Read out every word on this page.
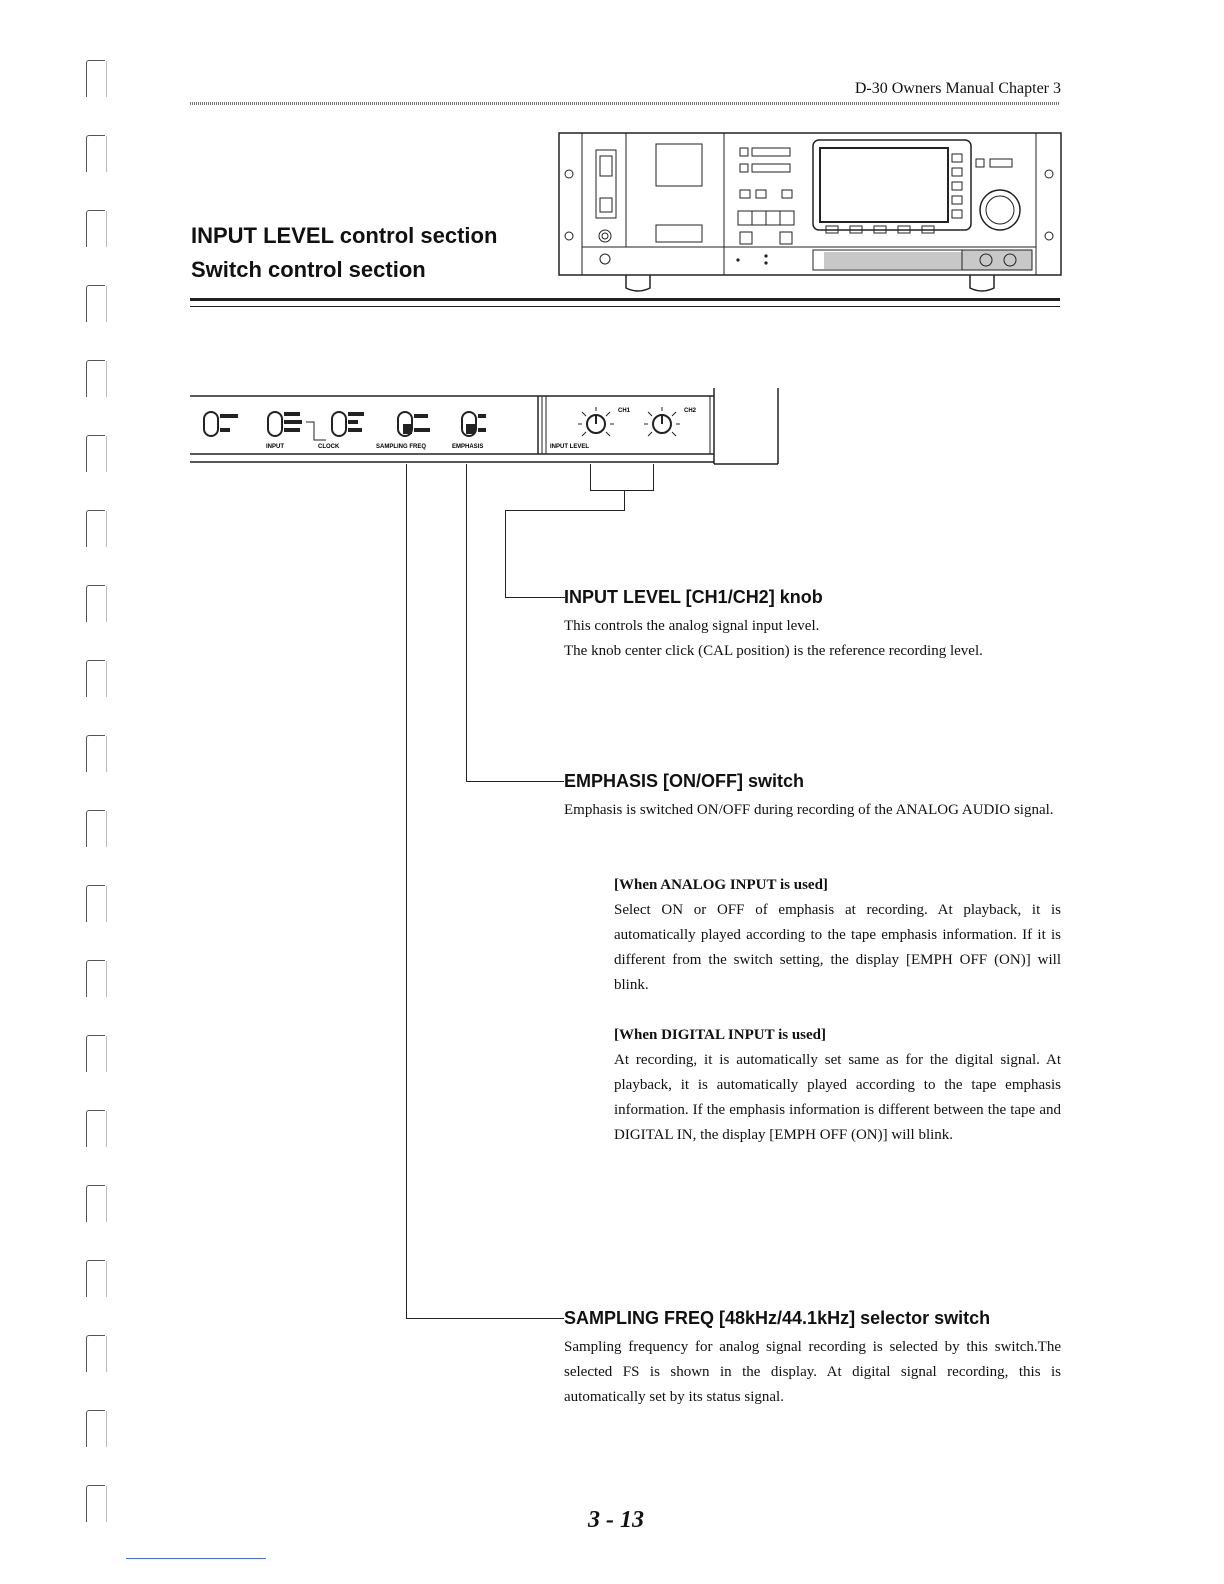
D-30 Owners Manual Chapter 3
INPUT LEVEL control section
Switch control section
INPUT	CLOCK	SAMPLING FREQ	EMPHASIS	INPUT LEVEL
CH1	CH2
INPUT LEVEL [CH1/CH2] knob
This controls the analog signal input level.
The knob center click (CAL position) is the reference recording level.
EMPHASIS [ON/OFF] switch
Emphasis is switched ON/OFF during recording of the ANALOG AUDIO signal.
[When ANALOG INPUT is used]
Select ON or OFF of emphasis at recording. At playback, it is automatically played according to the tape emphasis information. If it is different from the switch setting, the display [EMPH OFF (ON)] will blink.
[When DIGITAL INPUT is used]
At recording, it is automatically set same as for the digital signal. At playback, it is automatically played according to the tape emphasis information. If the emphasis information is different between the tape and DIGITAL IN, the display [EMPH OFF (ON)] will blink.
SAMPLING FREQ [48kHz/44.1kHz] selector switch
Sampling frequency for analog signal recording is selected by this switch.The selected FS is shown in the display. At digital signal recording, this is automatically set by its status signal.
3 - 13
